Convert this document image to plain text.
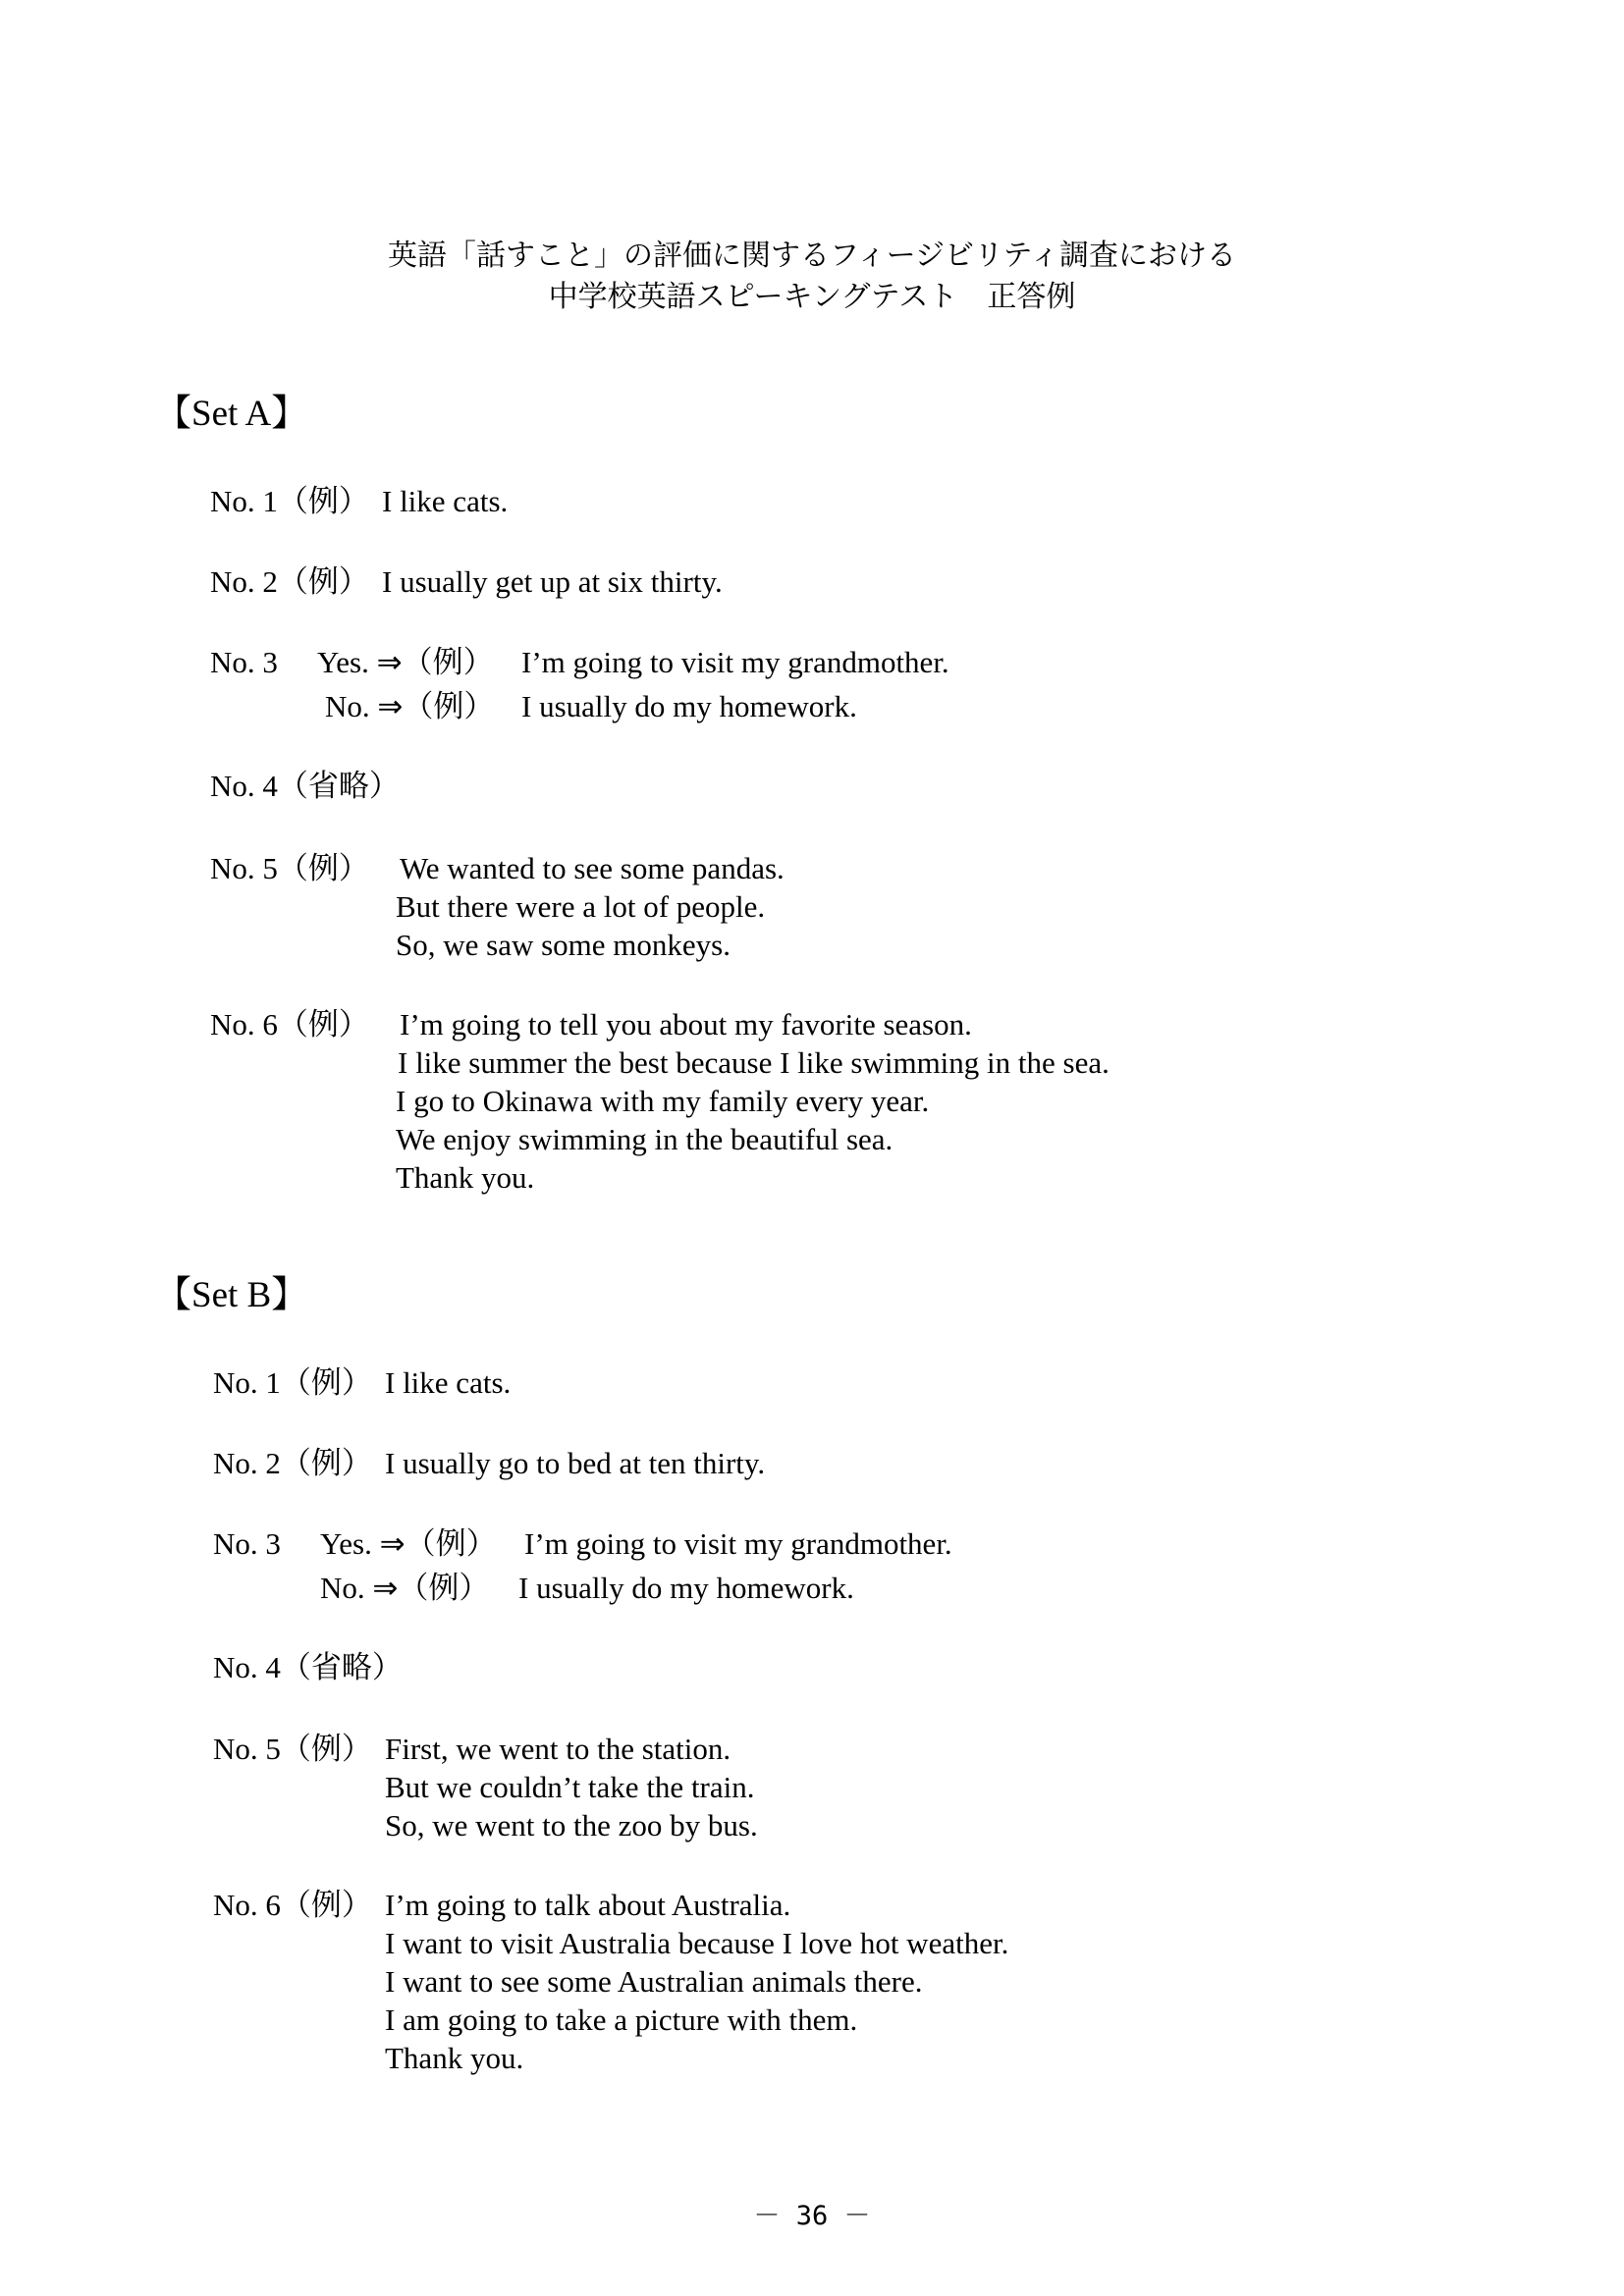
英語「話すこと」の評価に関するフィージビリティ調査における
中学校英語スピーキングテスト　正答例
【Set A】
No. 1（例） I like cats.
No. 2（例） I usually get up at six thirty.
No. 3 Yes. ⇒（例） I’m going to visit my grandmother.
No. ⇒（例） I usually do my homework.
No. 4（省略）
No. 5（例） We wanted to see some pandas.
But there were a lot of people.
So, we saw some monkeys.
No. 6（例） I’m going to tell you about my favorite season.
I like summer the best because I like swimming in the sea.
I go to Okinawa with my family every year.
We enjoy swimming in the beautiful sea.
Thank you.
【Set B】
No. 1（例） I like cats.
No. 2（例） I usually go to bed at ten thirty.
No. 3 Yes. ⇒（例） I’m going to visit my grandmother.
No. ⇒（例） I usually do my homework.
No. 4（省略）
No. 5（例） First, we went to the station.
But we couldn’t take the train.
So, we went to the zoo by bus.
No. 6（例） I’m going to talk about Australia.
I want to visit Australia because I love hot weather.
I want to see some Australian animals there.
I am going to take a picture with them.
Thank you.
－ 36 －
